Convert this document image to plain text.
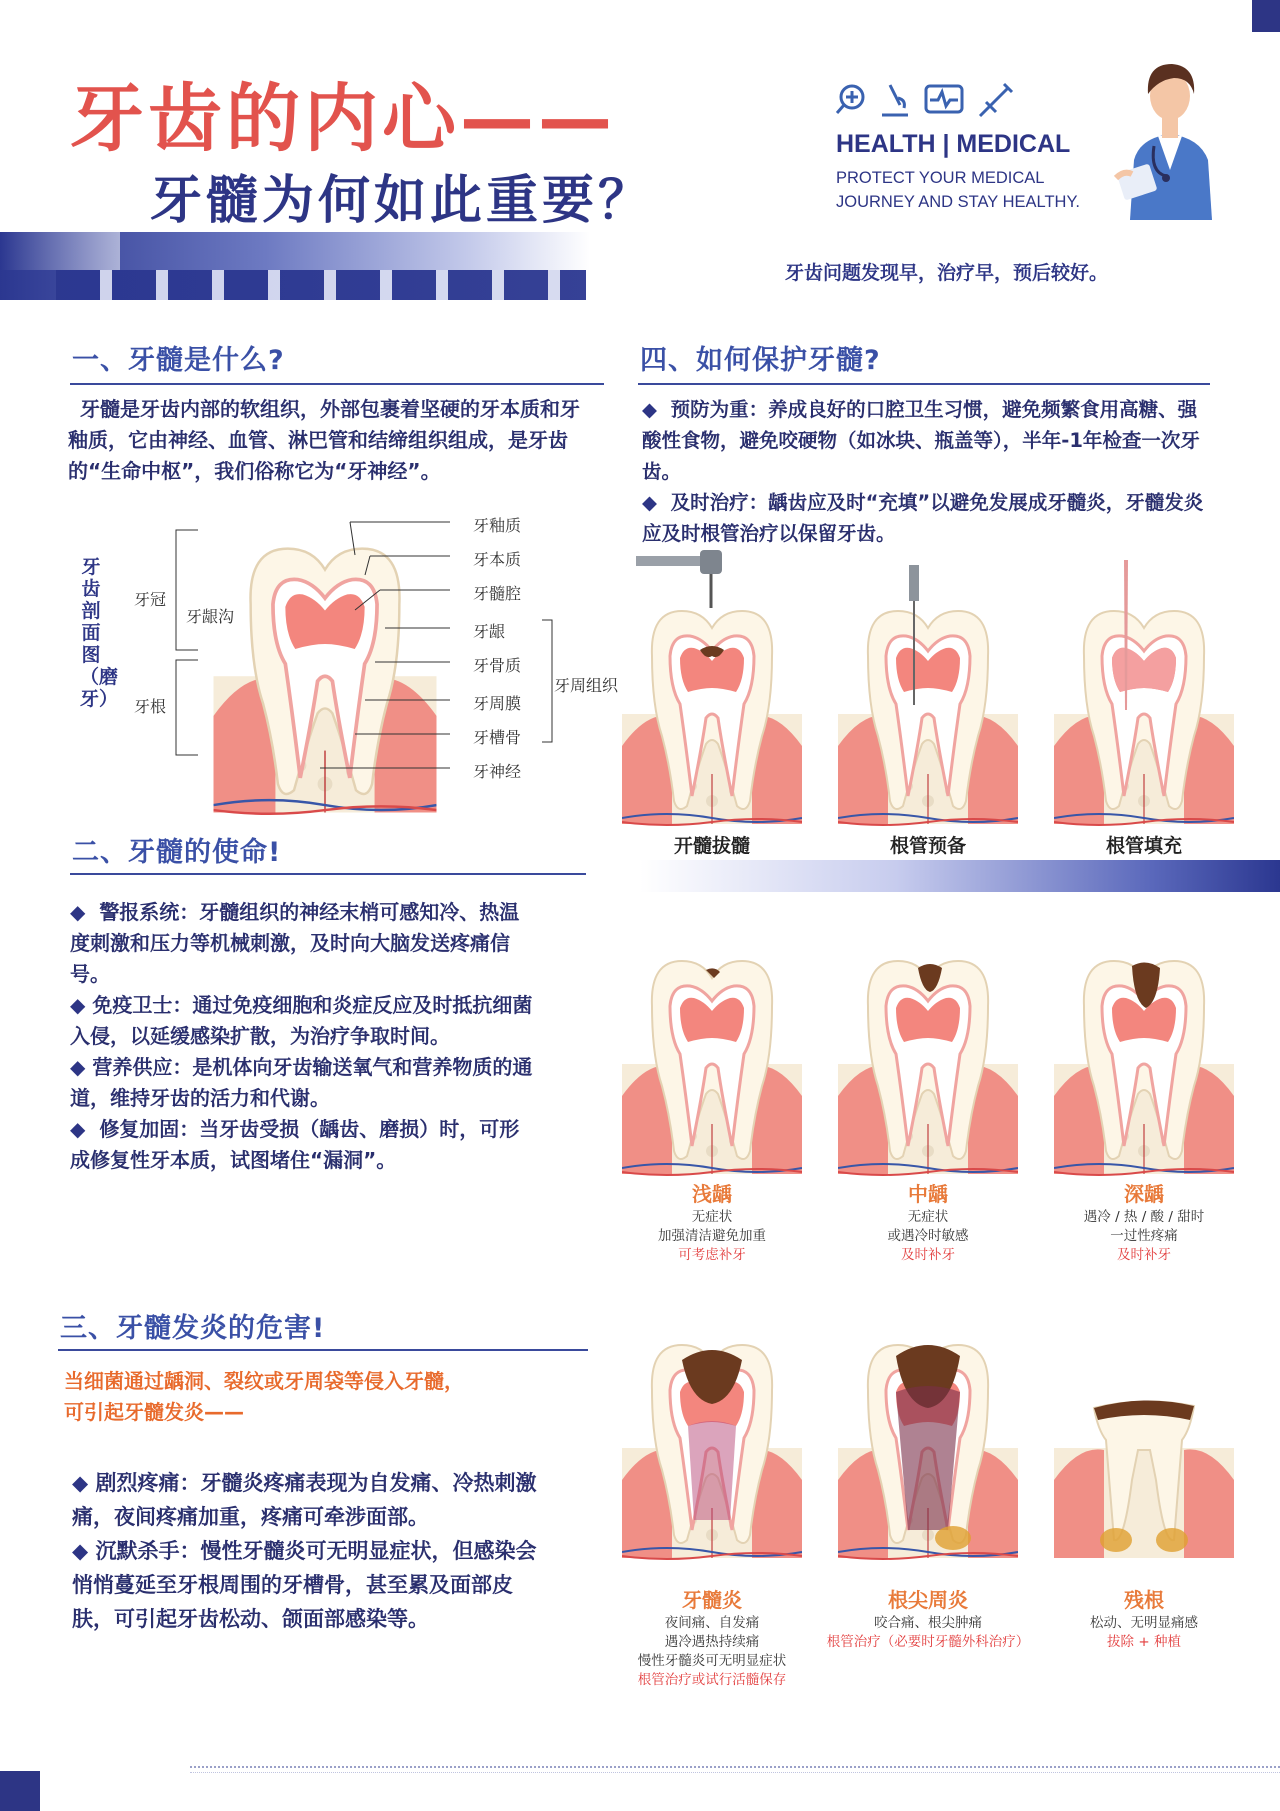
牙齿的内心——
牙髓为何如此重要？
HEALTH | MEDICAL
PROTECT YOUR MEDICAL
JOURNEY AND STAY HEALTHY.
牙齿问题发现早，治疗早，预后较好。
一、牙髓是什么?
牙髓是牙齿内部的软组织，外部包裹着坚硬的牙本质和牙釉质，它由神经、血管、淋巴管和结缔组织组成，是牙齿的“生命中枢”，我们俗称它为“牙神经”。
牙齿剖面图（磨牙）
牙冠
牙龈沟
牙根
牙釉质
牙本质
牙髓腔
牙龈
牙骨质
牙周膜
牙槽骨
牙神经
牙周组织
二、牙髓的使命!

◆  警报系统：牙髓组织的神经末梢可感知冷、热温度刺激和压力等机械刺激，及时向大脑发送疼痛信号。

◆ 免疫卫士：通过免疫细胞和炎症反应及时抵抗细菌入侵，以延缓感染扩散，为治疗争取时间。

◆ 营养供应：是机体向牙齿输送氧气和营养物质的通道，维持牙齿的活力和代谢。

◆  修复加固：当牙齿受损（龋齿、磨损）时，可形成修复性牙本质，试图堵住“漏洞”。

三、牙髓发炎的危害!
当细菌通过龋洞、裂纹或牙周袋等侵入牙髓，
可引起牙髓发炎——

◆ 剧烈疼痛：牙髓炎疼痛表现为自发痛、冷热刺激痛，夜间疼痛加重，疼痛可牵涉面部。

◆ 沉默杀手：慢性牙髓炎可无明显症状，但感染会悄悄蔓延至牙根周围的牙槽骨，甚至累及面部皮肤，可引起牙齿松动、颌面部感染等。

四、如何保护牙髓?

◆  预防为重：养成良好的口腔卫生习惯，避免频繁食用高糖、强酸性食物，避免咬硬物（如冰块、瓶盖等），半年-1年检查一次牙齿。

◆  及时治疗：龋齿应及时“充填”以避免发展成牙髓炎，牙髓发炎应及时根管治疗以保留牙齿。

开髓拔髓	根管预备	根管填充
浅龋
无症状
加强清洁避免加重
可考虑补牙
中龋
无症状
或遇冷时敏感
及时补牙
深龋
遇冷 / 热 / 酸 / 甜时
一过性疼痛
及时补牙
牙髓炎
夜间痛、自发痛
遇冷遇热持续痛
慢性牙髓炎可无明显症状
根管治疗或试行活髓保存
根尖周炎
咬合痛、根尖肿痛
根管治疗（必要时牙髓外科治疗）
残根
松动、无明显痛感
拔除 + 种植
